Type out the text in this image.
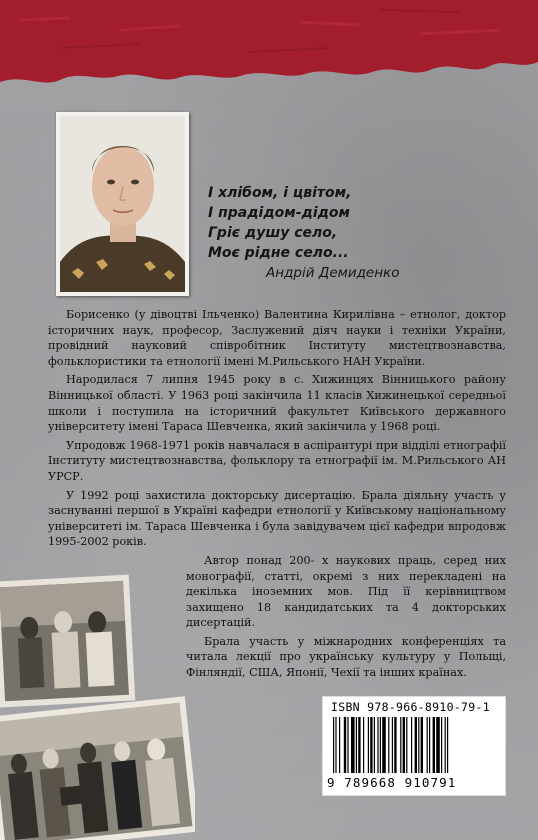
І хлібом, і цвітом,
І прадідом-дідом
Гріє душу село,
Моє рідне село...
Андрій Демиденко

Борисенко (у дівоцтві Ільченко) Валентина Кирилівна – етнолог, доктор історичних наук, професор, Заслужений діяч науки і техніки України, провідний науковий співробітник Інституту мистецтвознавства, фольклористики та етнології імені М.Рильського НАН України.

Народилася 7 липня 1945 року в с. Хижинцях Вінницького району Вінницької області. У 1963 році закінчила 11 класів Хижинецької середньої школи і поступила на історичний факультет Київського державного університету імені Тараса Шевченка, який закінчила у 1968 році.

Упродовж 1968-1971 років навчалася в аспірантурі при відділі етнографії Інституту мистецтвознавства, фольклору та етнографії ім. М.Рильського АН УРСР.

У 1992 році захистила докторську дисертацію. Брала діяльну участь у заснуванні першої в Україні кафедри етнології у Київському національному університеті ім. Тараса Шевченка і була завідувачем цієї кафедри впродовж 1995-2002 років.

Автор понад 200- х наукових праць, серед них монографії, статті, окремі з них перекладені на декілька іноземних мов. Під її керівництвом захищено 18 кандидатських та 4 докторських дисертацій.

Брала участь у міжнародних конференціях та читала лекції про українську культуру у Польщі, Фінляндії, США, Японії, Чехії та інших країнах.

ISBN 978-966-8910-79-1
9 789668 910791
